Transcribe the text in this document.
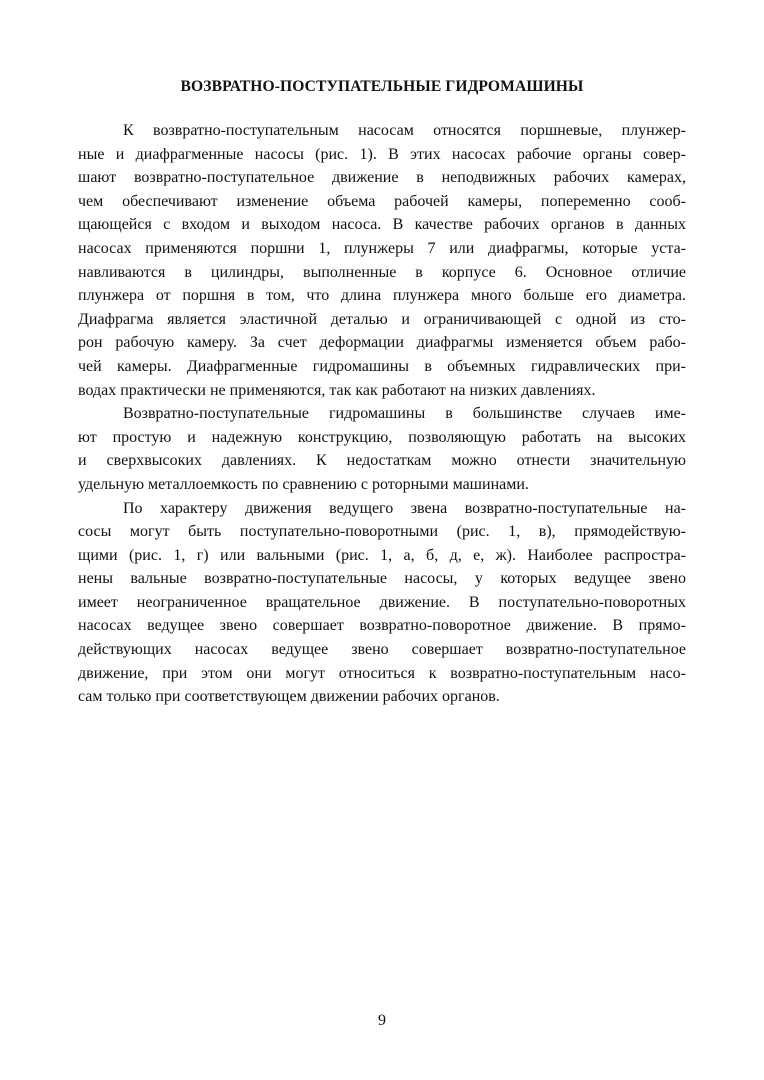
ВОЗВРАТНО-ПОСТУПАТЕЛЬНЫЕ ГИДРОМАШИНЫ

К возвратно-поступательным насосам относятся поршневые, плунжер-
ные и диафрагменные насосы (рис. 1). В этих насосах рабочие органы совер-
шают возвратно-поступательное движение в неподвижных рабочих камерах,
чем обеспечивают изменение объема рабочей камеры, попеременно сооб-
щающейся с входом и выходом насоса. В качестве рабочих органов в данных
насосах применяются поршни 1, плунжеры 7 или диафрагмы, которые уста-
навливаются в цилиндры, выполненные в корпусе 6. Основное отличие
плунжера от поршня в том, что длина плунжера много больше его диаметра.
Диафрагма является эластичной деталью и ограничивающей с одной из сто-
рон рабочую камеру. За счет деформации диафрагмы изменяется объем рабо-
чей камеры. Диафрагменные гидромашины в объемных гидравлических при-
водах практически не применяются, так как работают на низких давлениях.

Возвратно-поступательные гидромашины в большинстве случаев име-
ют простую и надежную конструкцию, позволяющую работать на высоких
и сверхвысоких давлениях. К недостаткам можно отнести значительную
удельную металлоемкость по сравнению с роторными машинами.

По характеру движения ведущего звена возвратно-поступательные на-
сосы могут быть поступательно-поворотными (рис. 1, в), прямодействую-
щими (рис. 1, г) или вальными (рис. 1, а, б, д, е, ж). Наиболее распростра-
нены вальные возвратно-поступательные насосы, у которых ведущее звено
имеет неограниченное вращательное движение. В поступательно-поворотных
насосах ведущее звено совершает возвратно-поворотное движение. В прямо-
действующих насосах ведущее звено совершает возвратно-поступательное
движение, при этом они могут относиться к возвратно-поступательным насо-
сам только при соответствующем движении рабочих органов.

9
